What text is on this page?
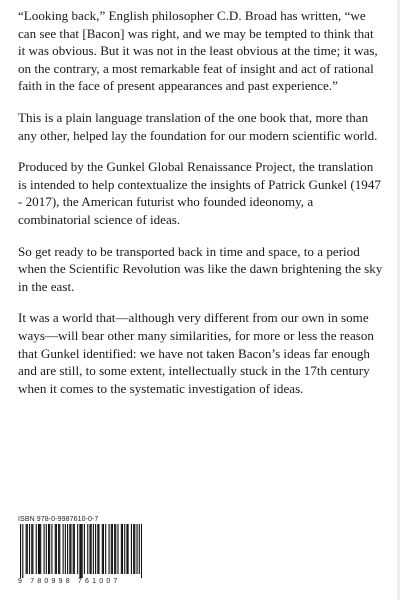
“Looking back,” English philosopher C.D. Broad has written, “we can see that [Bacon] was right, and we may be tempted to think that it was obvious. But it was not in the least obvious at the time; it was, on the contrary, a most remarkable feat of insight and act of rational faith in the face of present appearances and past experience.”

This is a plain language translation of the one book that, more than any other, helped lay the foundation for our modern scientific world.

Produced by the Gunkel Global Renaissance Project, the translation is intended to help contextualize the insights of Patrick Gunkel (1947 - 2017), the American futurist who founded ideonomy, a combinatorial science of ideas.

So get ready to be transported back in time and space, to a period when the Scientific Revolution was like the dawn brightening the sky in the east.

It was a world that—although very different from our own in some ways—will bear other many similarities, for more or less the reason that Gunkel identified: we have not taken Bacon’s ideas far enough and are still, to some extent, intellectually stuck in the 17th century when it comes to the systematic investigation of ideas.

ISBN 978-0-9987610-0-7
9 780998 761007
